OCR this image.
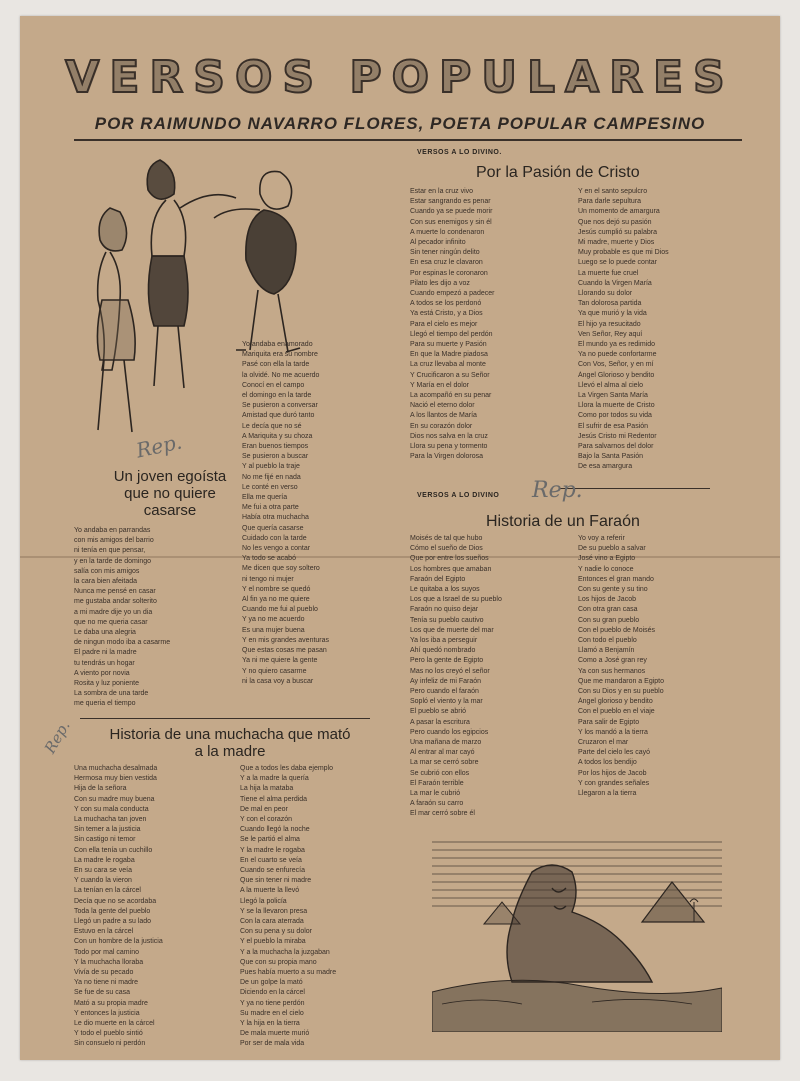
VERSOS POPULARES
POR RAIMUNDO NAVARRO FLORES, POETA POPULAR CAMPESINO
VERSOS A LO DIVINO.
VERSOS A LO DIVINO
Por la Pasión de Cristo
Estar en la cruz vivo
Estar sangrando es penar
Cuando ya se puede morir
Con sus enemigos y sin él
A muerte lo condenaron
Al pecador infinito
Sin tener ningún delito
En esa cruz le clavaron
Por espinas le coronaron
Pilato les dijo a voz
Cuando empezó a padecer
A todos se los perdonó
Ya está Cristo, y a Dios
Para el cielo es mejor
Llegó el tiempo del perdón
Para su muerte y Pasión
En que la Madre piadosa
La cruz llevaba al monte
Y Crucificaron a su Señor
Y María en el dolor
La acompañó en su penar
Nació el eterno dolor
A los llantos de María
En su corazón dolor
Dios nos salva en la cruz
Llora su pena y tormento
Para la Virgen dolorosa
Y en el santo sepulcro
Para darle sepultura
Un momento de amargura
Que nos dejó su pasión
Jesús cumplió su palabra
Mi madre, muerte y Dios
Muy probable es que mi Dios
Luego se lo puede contar
La muerte fue cruel
Cuando la Virgen María
Llorando su dolor
Tan dolorosa partida
Ya que murió y la vida
El hijo ya resucitado
Ven Señor, Rey aquí
El mundo ya es redimido
Ya no puede confortarme
Con Vos, Señor, y en mí
Ángel Glorioso y bendito
Llevó el alma al cielo
La Virgen Santa María
Llora la muerte de Cristo
Como por todos su vida
El sufrir de esa Pasión
Jesús Cristo mi Redentor
Para salvarnos del dolor
Bajo la Santa Pasión
De esa amargura
Un joven egoísta
que no quiere
casarse
Yo andaba en parrandas
con mis amigos del barrio
ni tenía en que pensar,
y en la tarde de domingo
salía con mis amigos
la cara bien afeitada
Nunca me pensé en casar
me gustaba andar solterito
a mi madre dije yo un dia
que no me queria casar
Le daba una alegria
de ningun modo iba a casarme
El padre ni la madre
tu tendrás un hogar
A viento por novia
Rosita y luz poniente
La sombra de una tarde
me queria el tiempo
Yo andaba enamorado
Mariquita era su nombre
Pasé con ella la tarde
la olvidé. No me acuerdo
Conocí en el campo
el domingo en la tarde
Se pusieron a conversar
Amistad que duró tanto
Le decía que no sé
A Mariquita y su choza
Eran buenos tiempos
Se pusieron a buscar
Y al pueblo la traje
No me fijé en nada
Le conté en verso
Ella me quería
Me fui a otra parte
Había otra muchacha
Que quería casarse
Cuidado con la tarde
No les vengo a contar
Ya todo se acabó
Me dicen que soy soltero
ni tengo ni mujer
Y el nombre se quedó
Al fin ya no me quiere
Cuando me fui al pueblo
Y ya no me acuerdo
Es una mujer buena
Y en mis grandes aventuras
Que estas cosas me pasan
Ya ni me quiere la gente
Y no quiero casarme
ni la casa voy a buscar
Historia de un Faraón
Moisés de tal que hubo
Cómo el sueño de Dios
Que por entre los sueños
Los hombres que amaban
Faraón del Egipto
Le quitaba a los suyos
Los que a Israel de su pueblo
Faraón no quiso dejar
Tenía su pueblo cautivo
Los que de muerte del mar
Ya los iba a perseguir
Ahí quedó nombrado
Pero la gente de Egipto
Mas no los creyó el señor
Ay infeliz de mi Faraón
Pero cuando el faraón
Sopló el viento y la mar
El pueblo se abrió
A pasar la escritura
Pero cuando los egipcios
Una mañana de marzo
Al entrar al mar cayó
La mar se cerró sobre
Se cubrió con ellos
El Faraón terrible
La mar le cubrió
A faraón su carro
El mar cerró sobre él
Yo voy a referir
De su pueblo a salvar
José vino a Egipto
Y nadie lo conoce
Entonces el gran mando
Con su gente y su tino
Los hijos de Jacob
Con otra gran casa
Con su gran pueblo
Con el pueblo de Moisés
Con todo el pueblo
Llamó a Benjamín
Como a José gran rey
Ya con sus hermanos
Que me mandaron a Egipto
Con su Dios y en su pueblo
Ángel glorioso y bendito
Con el pueblo en el viaje
Para salir de Egipto
Y los mandó a la tierra
Cruzaron el mar
Parte del cielo les cayó
A todos los bendijo
Por los hijos de Jacob
Y con grandes señales
Llegaron a la tierra
Historia de una muchacha que mató
a la madre
Una muchacha desalmada
Hermosa muy bien vestida
Hija de la señora
Con su madre muy buena
Y con su mala conducta
La muchacha tan joven
Sin temer a la justicia
Sin castigo ni temor
Con ella tenía un cuchillo
La madre le rogaba
En su cara se veía
Y cuando la vieron
La tenían en la cárcel
Decía que no se acordaba
Toda la gente del pueblo
Llegó un padre a su lado
Estuvo en la cárcel
Con un hombre de la justicia
Todo por mal camino
Y la muchacha lloraba
Vivía de su pecado
Ya no tiene ni madre
Se fue de su casa
Mató a su propia madre
Y entonces la justicia
Le dio muerte en la cárcel
Y todo el pueblo sintió
Sin consuelo ni perdón
Que a todos les daba ejemplo
Y a la madre la quería
La hija la mataba
Tiene el alma perdida
De mal en peor
Y con el corazón
Cuando llegó la noche
Se le partió el alma
Y la madre le rogaba
En el cuarto se veía
Cuando se enfurecía
Que sin tener ni madre
A la muerte la llevó
Llegó la policía
Y se la llevaron presa
Con la cara aterrada
Con su pena y su dolor
Y el pueblo la miraba
Y a la muchacha la juzgaban
Que con su propia mano
Pues había muerto a su madre
De un golpe la mató
Diciendo en la cárcel
Y ya no tiene perdón
Su madre en el cielo
Y la hija en la tierra
De mala muerte murió
Por ser de mala vida
Rep.
Rep.
Rep.
